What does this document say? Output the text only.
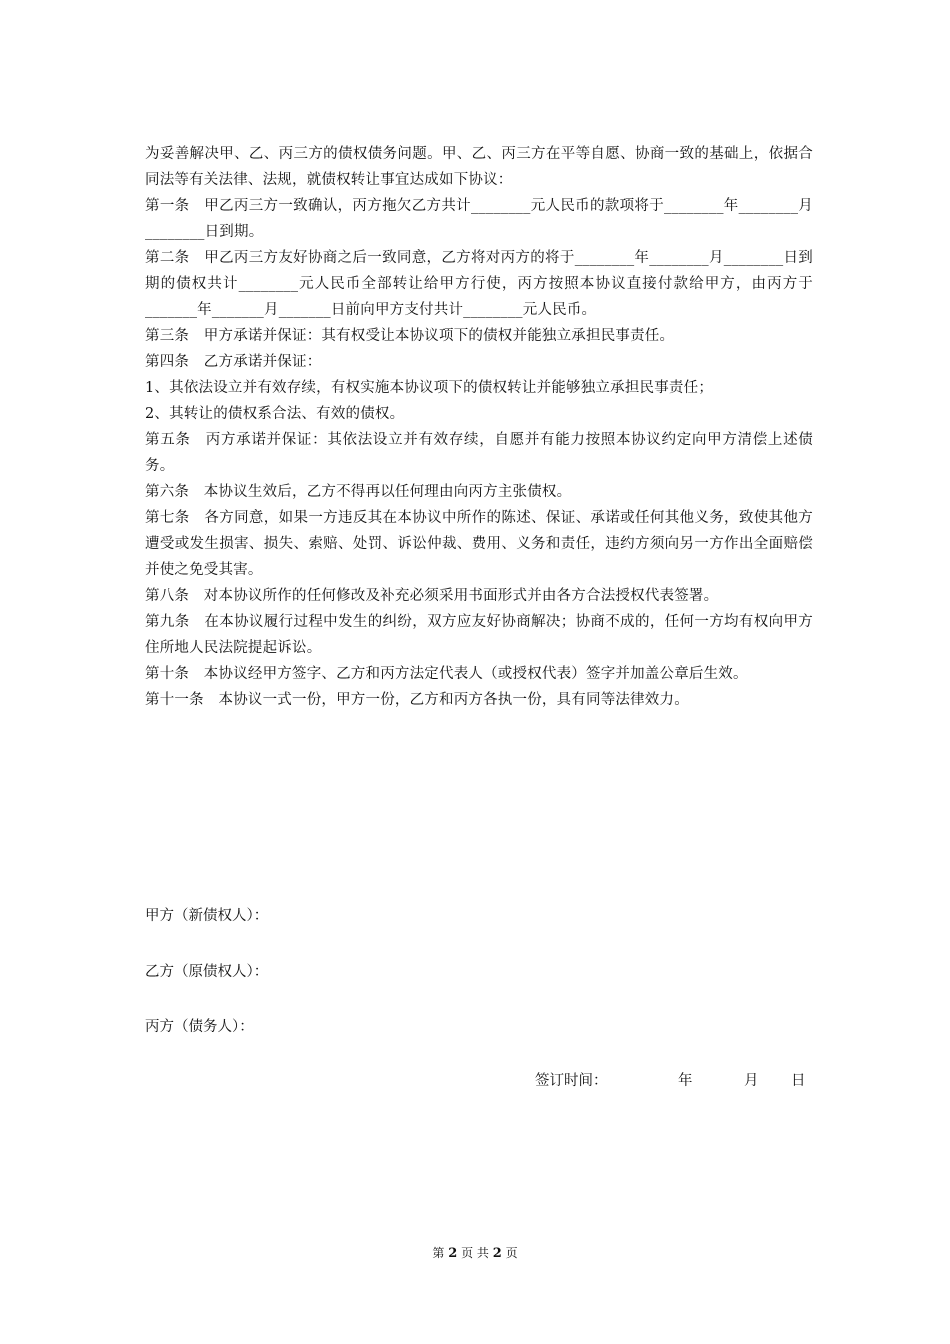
为妥善解决甲、乙、丙三方的债权债务问题。甲、乙、丙三方在平等自愿、协商一致的基础上，依据合同法等有关法律、法规，就债权转让事宜达成如下协议：

第一条　甲乙丙三方一致确认，丙方拖欠乙方共计________元人民币的款项将于________年________月________日到期。

第二条　甲乙丙三方友好协商之后一致同意，乙方将对丙方的将于________年________月________日到期的债权共计________元人民币全部转让给甲方行使，丙方按照本协议直接付款给甲方，由丙方于_______年_______月_______日前向甲方支付共计________元人民币。

第三条　甲方承诺并保证：其有权受让本协议项下的债权并能独立承担民事责任。

第四条　乙方承诺并保证：

1、其依法设立并有效存续，有权实施本协议项下的债权转让并能够独立承担民事责任；

2、其转让的债权系合法、有效的债权。

第五条　丙方承诺并保证：其依法设立并有效存续，自愿并有能力按照本协议约定向甲方清偿上述债务。

第六条　本协议生效后，乙方不得再以任何理由向丙方主张债权。

第七条　各方同意，如果一方违反其在本协议中所作的陈述、保证、承诺或任何其他义务，致使其他方遭受或发生损害、损失、索赔、处罚、诉讼仲裁、费用、义务和责任，违约方须向另一方作出全面赔偿并使之免受其害。

第八条　对本协议所作的任何修改及补充必须采用书面形式并由各方合法授权代表签署。

第九条　在本协议履行过程中发生的纠纷，双方应友好协商解决；协商不成的，任何一方均有权向甲方住所地人民法院提起诉讼。

第十条　本协议经甲方签字、乙方和丙方法定代表人（或授权代表）签字并加盖公章后生效。

第十一条　本协议一式一份，甲方一份，乙方和丙方各执一份，具有同等法律效力。

甲方（新债权人）：
乙方（原债权人）：
丙方（债务人）：
签订时间：	年	月 日
第 2 页 共 2 页
